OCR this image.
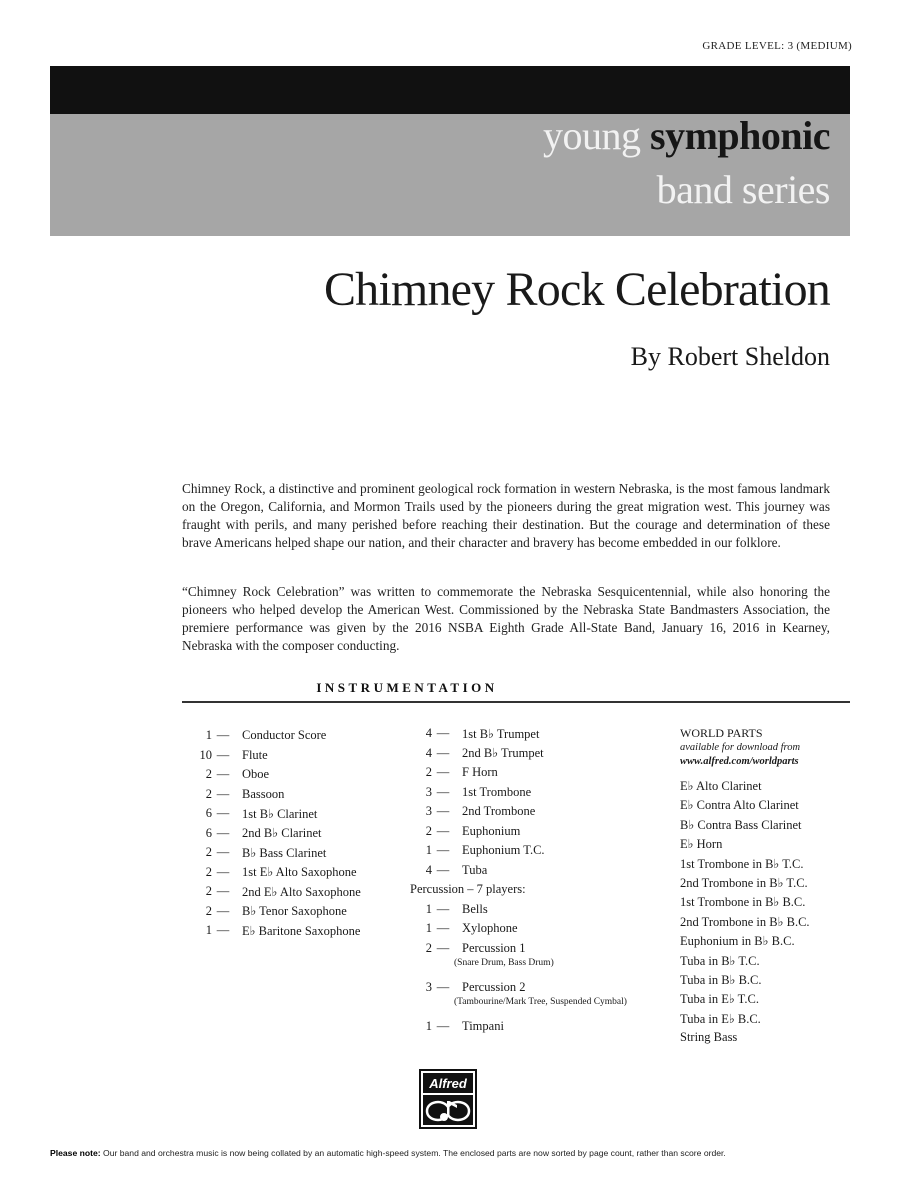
GRADE LEVEL: 3 (MEDIUM)
young symphonic
band series
Chimney Rock Celebration
By Robert Sheldon

Chimney Rock, a distinctive and prominent geological rock formation in western Nebraska, is the most famous landmark on the Oregon, California, and Mormon Trails used by the pioneers during the great migration west. This journey was fraught with perils, and many perished before reaching their destination. But the courage and determination of these brave Americans helped shape our nation, and their character and bravery has become embedded in our folklore.

“Chimney Rock Celebration” was written to commemorate the Nebraska Sesquicentennial, while also honoring the pioneers who helped develop the American West. Commissioned by the Nebraska State Bandmasters Association, the premiere performance was given by the 2016 NSBA Eighth Grade All-State Band, January 16, 2016 in Kearney, Nebraska with the composer conducting.

INSTRUMENTATION
1 —	Conductor Score
10 —	Flute
2 —	Oboe
2 —	Bassoon
6 —	1st B♭ Clarinet
6 —	2nd B♭ Clarinet
2 —	B♭ Bass Clarinet
2 —	1st E♭ Alto Saxophone
2 —	2nd E♭ Alto Saxophone
2 —	B♭ Tenor Saxophone
1 —	E♭ Baritone Saxophone
4 —	1st B♭ Trumpet
4 —	2nd B♭ Trumpet
2 —	F Horn
3 —	1st Trombone
3 —	2nd Trombone
2 —	Euphonium
1 —	Euphonium T.C.
4 —	Tuba
Percussion – 7 players:
1 —	Bells
1 —	Xylophone
2 —	Percussion 1
(Snare Drum, Bass Drum)
3 —	Percussion 2
(Tambourine/Mark Tree, Suspended Cymbal)
1 —	Timpani
WORLD PARTS
available for download from
www.alfred.com/worldparts
E♭ Alto Clarinet
E♭ Contra Alto Clarinet
B♭ Contra Bass Clarinet
E♭ Horn
1st Trombone in B♭ T.C.
2nd Trombone in B♭ T.C.
1st Trombone in B♭ B.C.
2nd Trombone in B♭ B.C.
Euphonium in B♭ B.C.
Tuba in B♭ T.C.
Tuba in B♭ B.C.
Tuba in E♭ T.C.
Tuba in E♭ B.C.
String Bass
Alfred
Please note: Our band and orchestra music is now being collated by an automatic high-speed system. The enclosed parts are now sorted by page count, rather than score order.
